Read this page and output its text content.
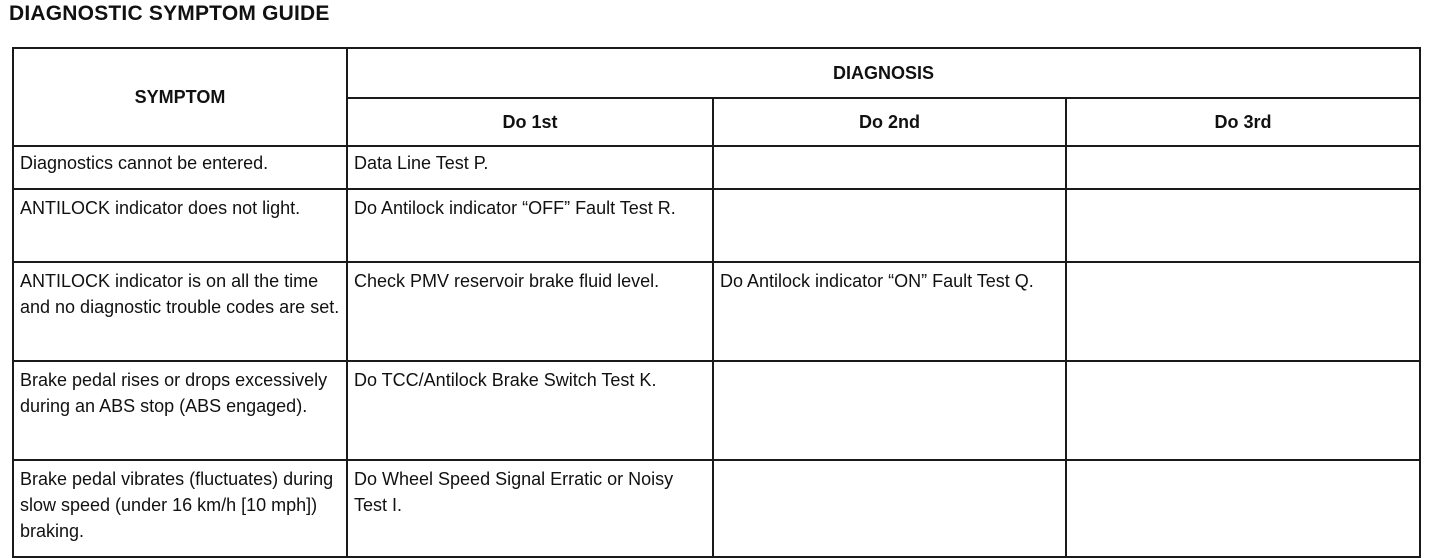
DIAGNOSTIC SYMPTOM GUIDE
SYMPTOM	DIAGNOSIS		
	Do 1st	Do 2nd	Do 3rd
Diagnostics cannot be entered.	Data Line Test P.		
ANTILOCK indicator does not light.	Do Antilock indicator “OFF” Fault Test R.		
ANTILOCK indicator is on all the time and no diagnostic trouble codes are set.	Check PMV reservoir brake fluid level.	Do Antilock indicator “ON” Fault Test Q.	
Brake pedal rises or drops excessively during an ABS stop (ABS engaged).	Do TCC/Antilock Brake Switch Test K.		
Brake pedal vibrates (fluctuates) during slow speed (under 16 km/h [10 mph]) braking.	Do Wheel Speed Signal Erratic or Noisy Test I.		
